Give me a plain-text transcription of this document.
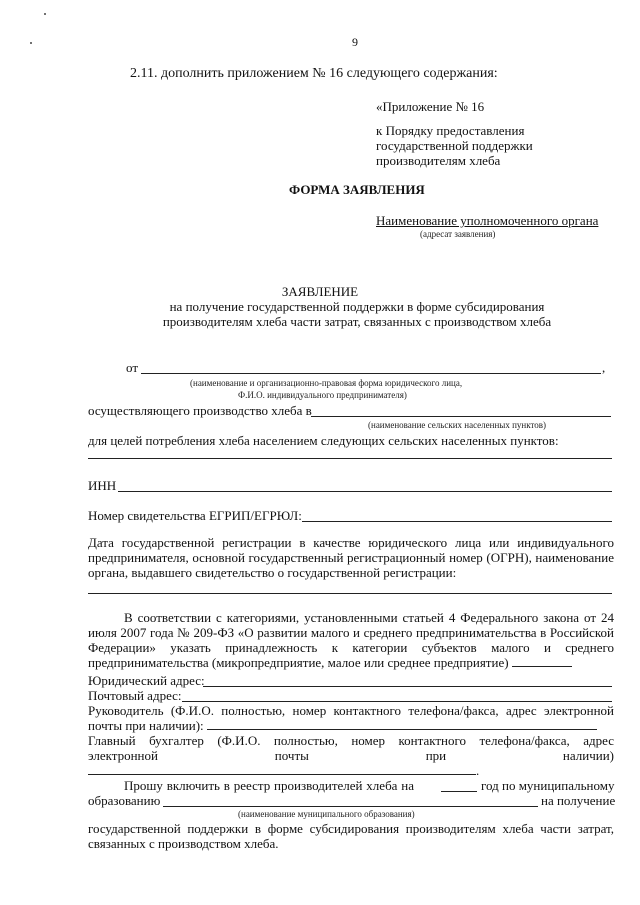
9
2.11. дополнить приложением № 16 следующего содержания:
«Приложение № 16
к Порядку предоставления
государственной поддержки
производителям хлеба
ФОРМА ЗАЯВЛЕНИЯ
Наименование уполномоченного органа
(адресат заявления)
ЗАЯВЛЕНИЕ
на получение государственной поддержки в форме субсидирования
производителям хлеба части затрат, связанных с производством хлеба
от	,
(наименование и организационно-правовая форма юридического лица,
Ф.И.О. индивидуального предпринимателя)
осуществляющего производство хлеба в
(наименование сельских населенных пунктов)
для целей потребления хлеба населением следующих сельских населенных пунктов:
ИНН
Номер свидетельства ЕГРИП/ЕГРЮЛ:
Дата государственной регистрации в качестве юридического лица или индивидуального предпринимателя, основной государственный регистрационный номер (ОГРН), наименование органа, выдавшего свидетельство о государственной регистрации:
В соответствии с категориями, установленными статьей 4 Федерального закона от 24 июля 2007 года № 209-ФЗ «О развитии малого и среднего предпринимательства в Российской Федерации» указать принадлежность к категории субъектов малого и среднего предпринимательства (микропредприятие, малое или среднее предприятие)
Юридический адрес:
Почтовый адрес:
Руководитель (Ф.И.О. полностью, номер контактного телефона/факса, адрес электронной почты при наличии):
Главный бухгалтер (Ф.И.О. полностью, номер контактного телефона/факса, адрес электронной почты при наличии) .
Прошу включить в реестр производителей хлеба на	год по муниципальному
образованию	на получение
(наименование муниципального образования)
государственной поддержки в форме субсидирования производителям хлеба части затрат,
связанных с производством хлеба.
